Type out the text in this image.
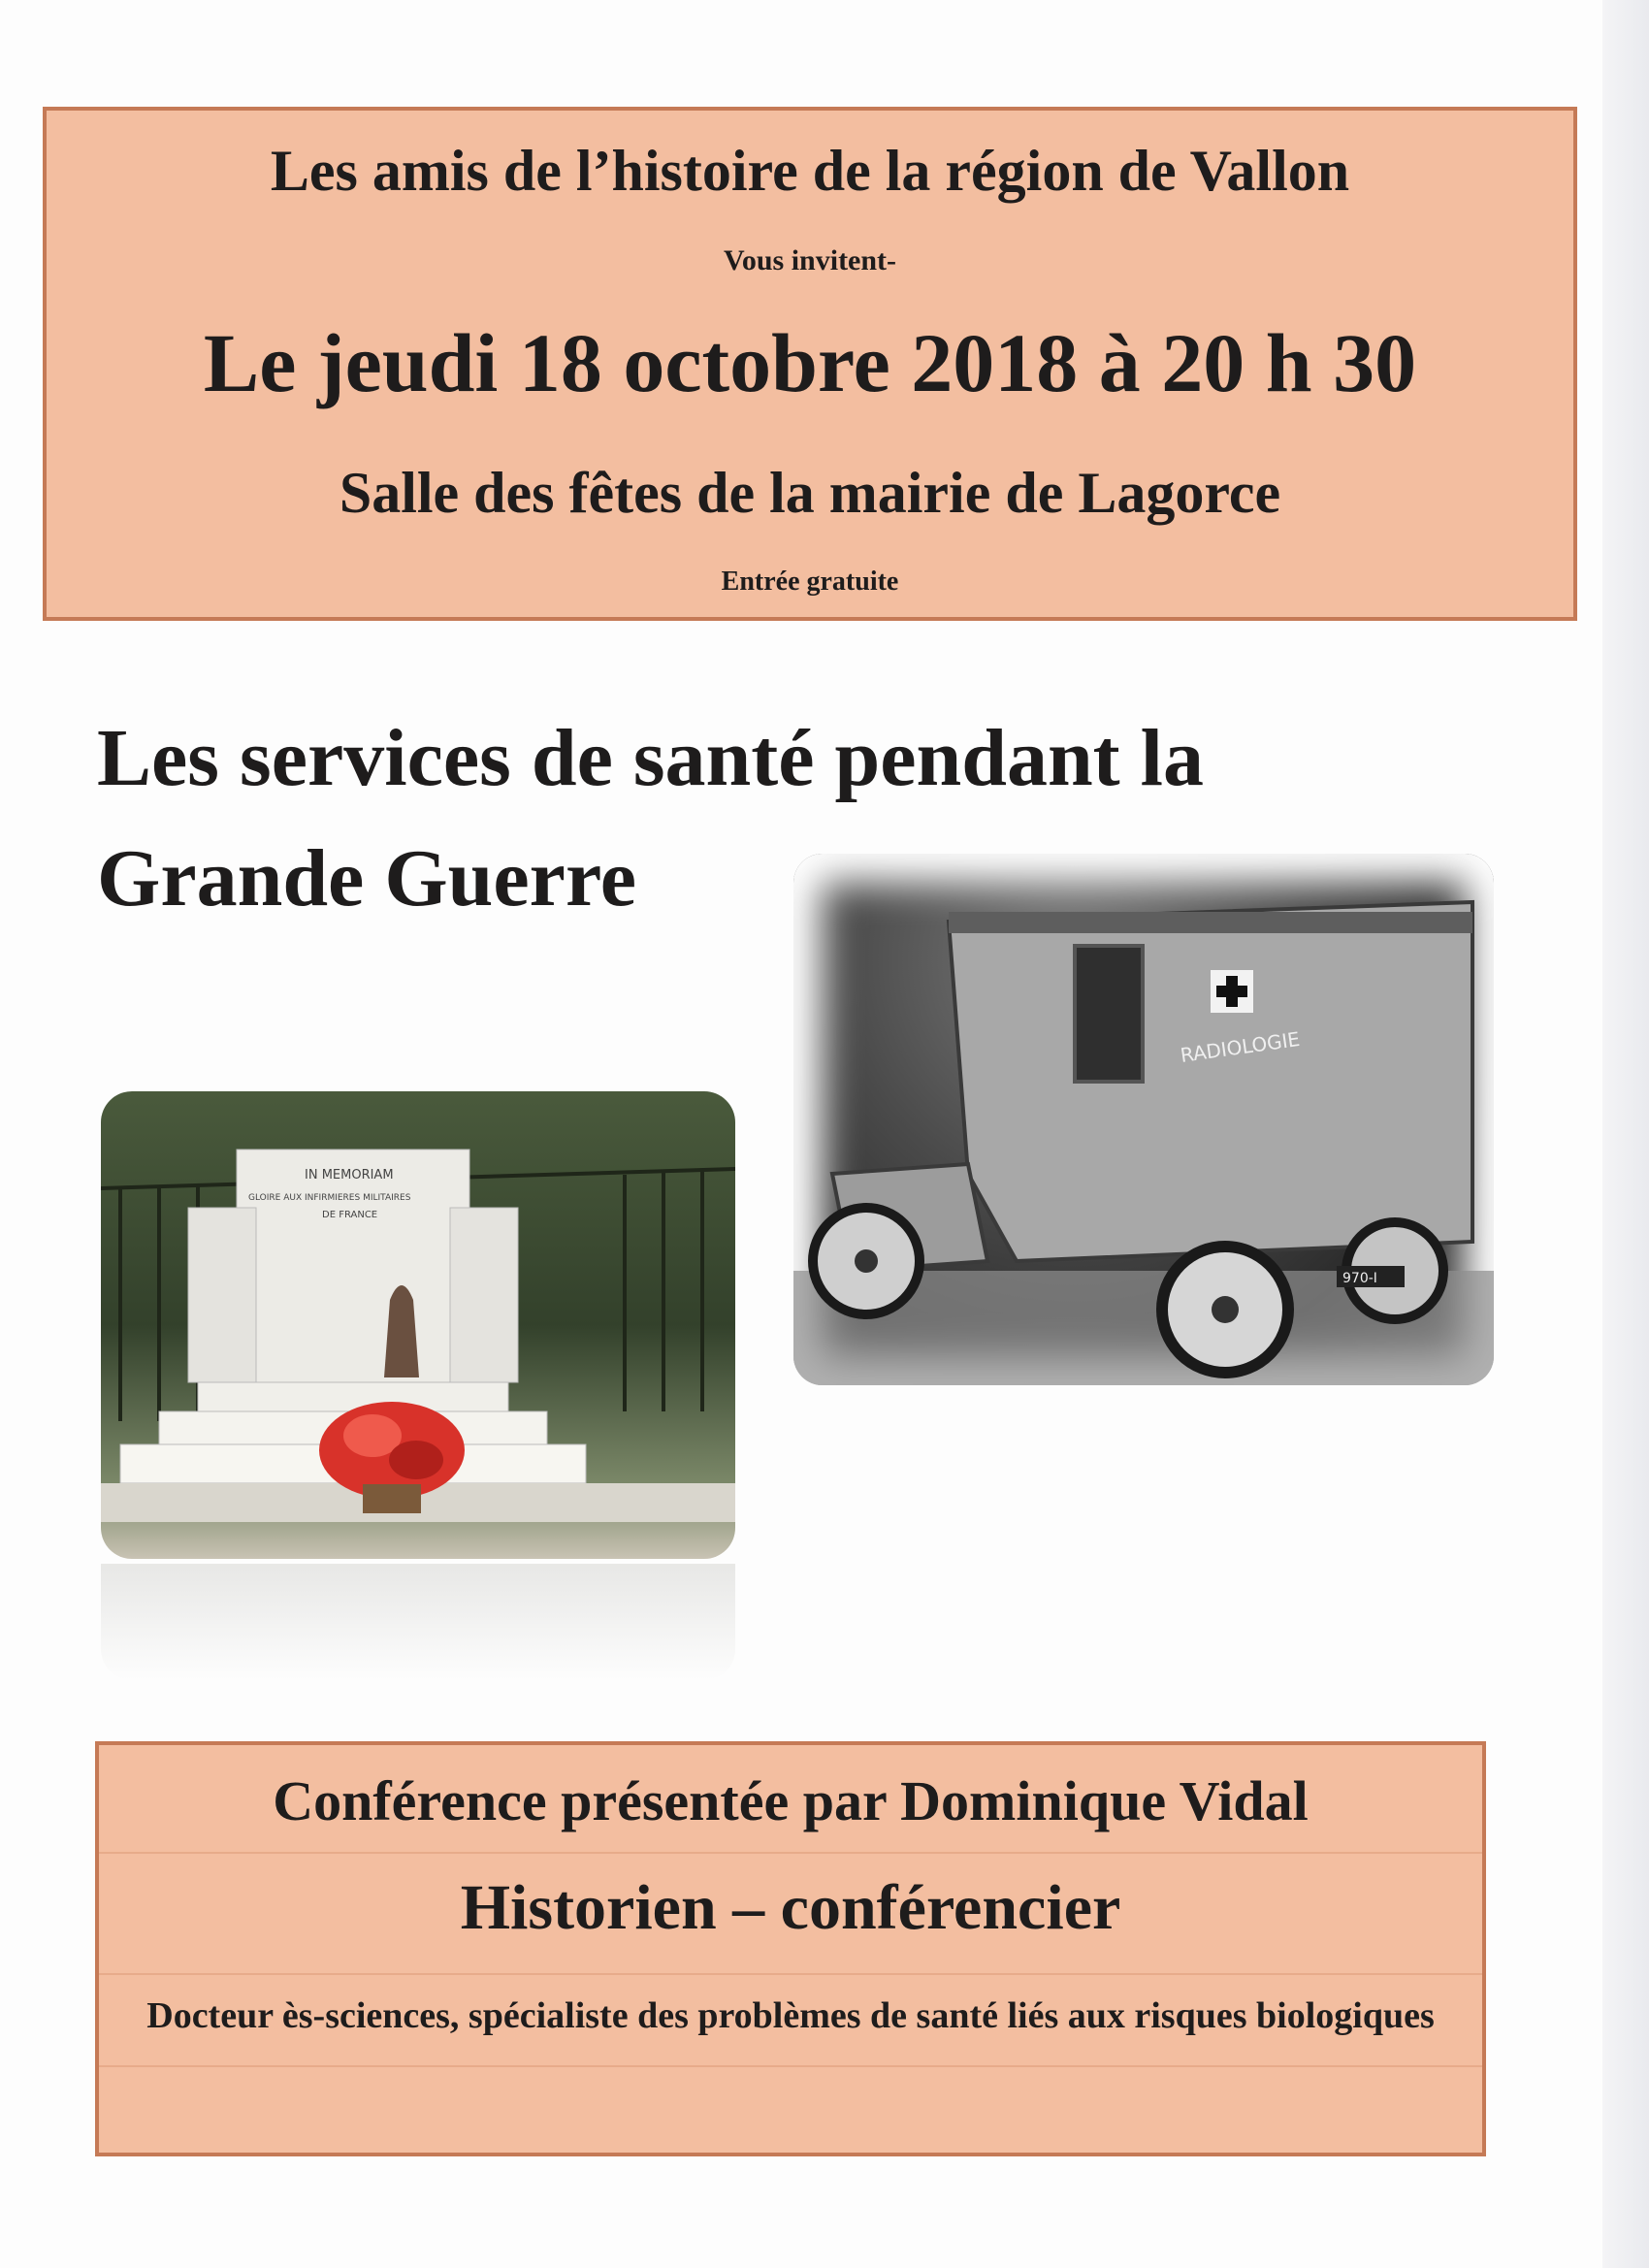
Les amis de l’histoire de la région de Vallon
Vous invitent-
Le jeudi 18 octobre 2018 à 20 h 30
Salle des fêtes de la mairie de Lagorce
Entrée gratuite
Les services de santé pendant la
Grande Guerre
RADIOLOGIE
970-I
IN MEMORIAM
GLOIRE AUX INFIRMIERES MILITAIRES
DE FRANCE
Conférence présentée par Dominique Vidal
Historien – conférencier
Docteur ès-sciences, spécialiste des problèmes de santé liés aux risques biologiques
